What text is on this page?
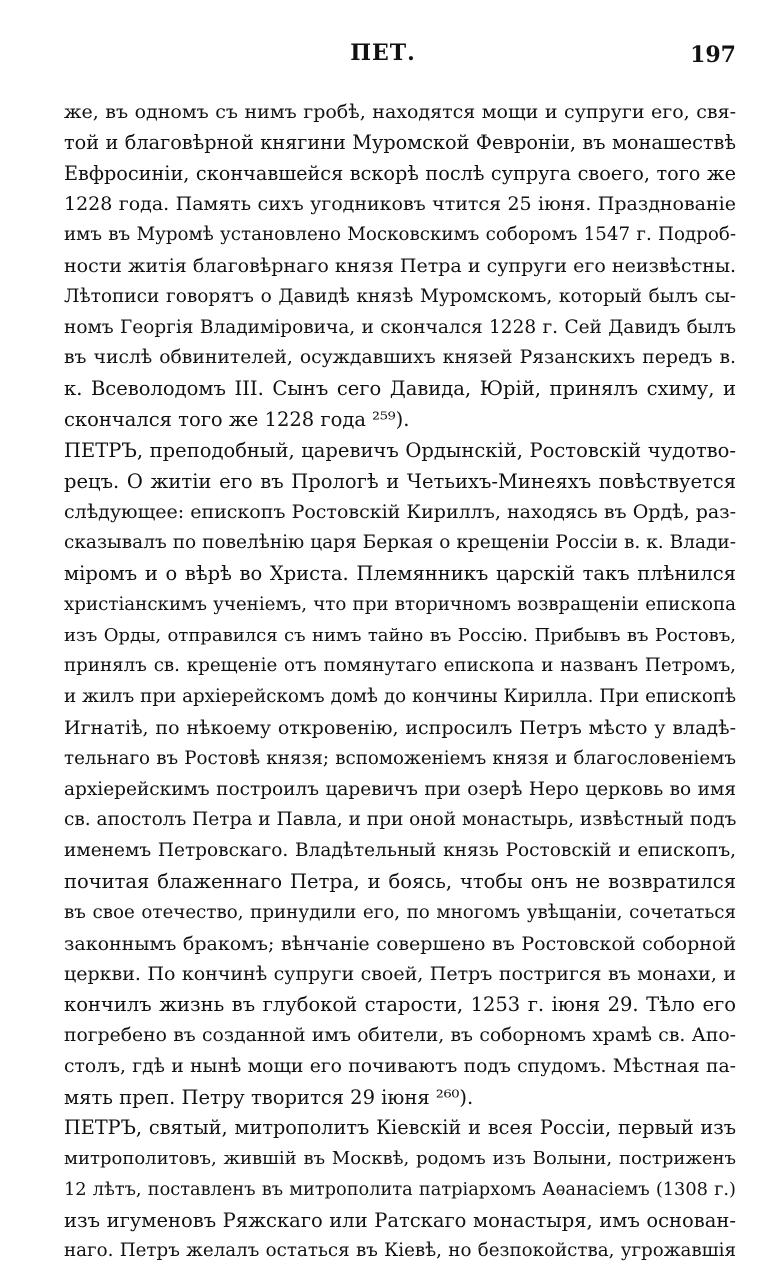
ПЕТ.	197
же, въ одномъ съ нимъ гробѣ, находятся мощи и супруги его, свя-
той и благовѣрной княгини Муромской Февроніи, въ монашествѣ
Евфросиніи, скончавшейся вскорѣ послѣ супруга своего, того же
1228 года. Память сихъ угодниковъ чтится 25 іюня. Празднованіе
имъ въ Муромѣ установлено Московскимъ соборомъ 1547 г. Подроб-
ности житія благовѣрнаго князя Петра и супруги его неизвѣстны.
Лѣтописи говорятъ о Давидѣ князѣ Муромскомъ, который былъ сы-
номъ Георгія Владиміровича, и скончался 1228 г. Сей Давидъ былъ
въ числѣ обвинителей, осуждавшихъ князей Рязанскихъ передъ в.
к. Всеволодомъ III. Сынъ сего Давида, Юрій, принялъ схиму, и
скончался того же 1228 года ²⁵⁹).
ПЕТРЪ, преподобный, царевичъ Ордынскій, Ростовскій чудотво-
рецъ. О житіи его въ Прологѣ и Четьихъ-Минеяхъ повѣствуется
слѣдующее: епископъ Ростовскій Кириллъ, находясь въ Ордѣ, раз-
сказывалъ по повелѣнію царя Беркая о крещеніи Россіи в. к. Влади-
міромъ и о вѣрѣ во Христа. Племянникъ царскій такъ плѣнился
христіанскимъ ученіемъ, что при вторичномъ возвращеніи епископа
изъ Орды, отправился съ нимъ тайно въ Россію. Прибывъ въ Ростовъ,
принялъ св. крещеніе отъ помянутаго епископа и названъ Петромъ,
и жилъ при архіерейскомъ домѣ до кончины Кирилла. При епископѣ
Игнатіѣ, по нѣкоему откровенію, испросилъ Петръ мѣсто у владѣ-
тельнаго въ Ростовѣ князя; вспоможеніемъ князя и благословеніемъ
архіерейскимъ построилъ царевичъ при озерѣ Неро церковь во имя
св. апостолъ Петра и Павла, и при оной монастырь, извѣстный подъ
именемъ Петровскаго. Владѣтельный князь Ростовскій и епископъ,
почитая блаженнаго Петра, и боясь, чтобы онъ не возвратился
въ свое отечество, принудили его, по многомъ увѣщаніи, сочетаться
законнымъ бракомъ; вѣнчаніе совершено въ Ростовской соборной
церкви. По кончинѣ супруги своей, Петръ постригся въ монахи, и
кончилъ жизнь въ глубокой старости, 1253 г. іюня 29. Тѣло его
погребено въ созданной имъ обители, въ соборномъ храмѣ св. Апо-
столъ, гдѣ и нынѣ мощи его почиваютъ подъ спудомъ. Мѣстная па-
мять преп. Петру творится 29 іюня ²⁶⁰).
ПЕТРЪ, святый, митрополитъ Кіевскій и всея Россіи, первый изъ
митрополитовъ, жившій въ Москвѣ, родомъ изъ Волыни, постриженъ
12 лѣтъ, поставленъ въ митрополита патріархомъ Аѳанасіемъ (1308 г.)
изъ игуменовъ Ряжскаго или Ратскаго монастыря, имъ основан-
наго. Петръ желалъ остаться въ Кіевѣ, но безпокойства, угрожавшія
